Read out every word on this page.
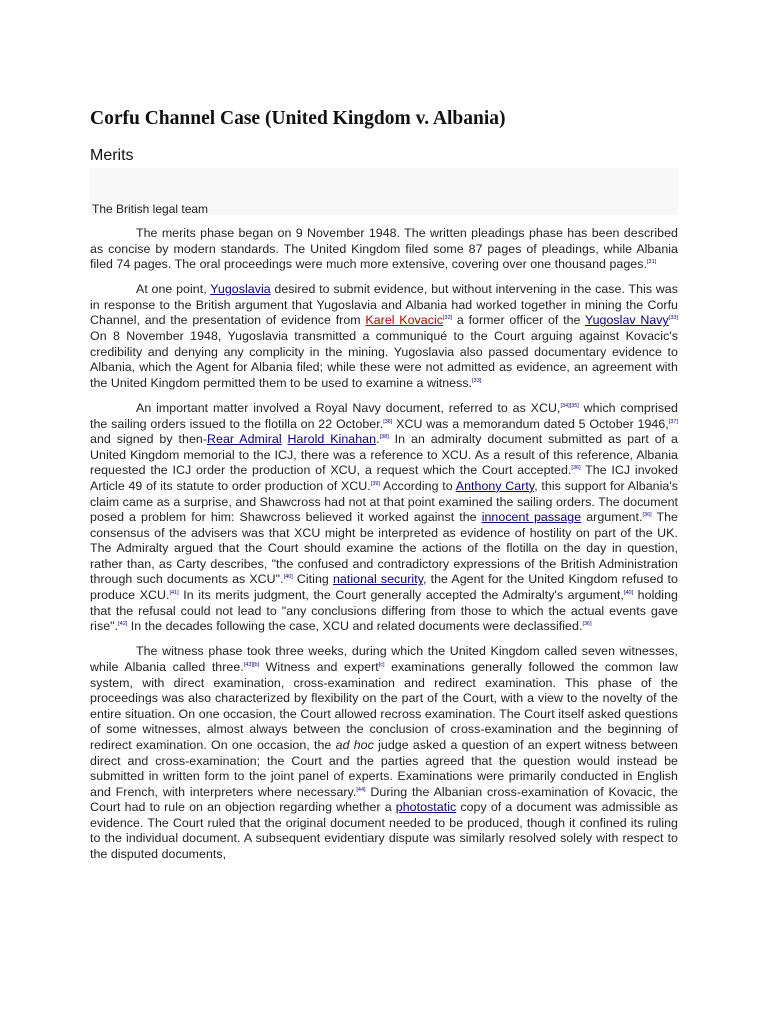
Corfu Channel Case (United Kingdom v. Albania)
Merits
The British legal team

The merits phase began on 9 November 1948. The written pleadings phase has been described as concise by modern standards. The United Kingdom filed some 87 pages of pleadings, while Albania filed 74 pages. The oral proceedings were much more extensive, covering over one thousand pages.[31]

At one point, Yugoslavia desired to submit evidence, but without intervening in the case. This was in response to the British argument that Yugoslavia and Albania had worked together in mining the Corfu Channel, and the presentation of evidence from Karel Kovacic[32] a former officer of the Yugoslav Navy[33] On 8 November 1948, Yugoslavia transmitted a communiqué to the Court arguing against Kovacic's credibility and denying any complicity in the mining. Yugoslavia also passed documentary evidence to Albania, which the Agent for Albania filed; while these were not admitted as evidence, an agreement with the United Kingdom permitted them to be used to examine a witness.[33]

An important matter involved a Royal Navy document, referred to as XCU,[34][35] which comprised the sailing orders issued to the flotilla on 22 October.[36] XCU was a memorandum dated 5 October 1946,[37] and signed by then-Rear Admiral Harold Kinahan.[38] In an admiralty document submitted as part of a United Kingdom memorial to the ICJ, there was a reference to XCU. As a result of this reference, Albania requested the ICJ order the production of XCU, a request which the Court accepted.[36] The ICJ invoked Article 49 of its statute to order production of XCU.[39] According to Anthony Carty, this support for Albania's claim came as a surprise, and Shawcross had not at that point examined the sailing orders. The document posed a problem for him: Shawcross believed it worked against the innocent passage argument.[36] The consensus of the advisers was that XCU might be interpreted as evidence of hostility on part of the UK. The Admiralty argued that the Court should examine the actions of the flotilla on the day in question, rather than, as Carty describes, "the confused and contradictory expressions of the British Administration through such documents as XCU".[40] Citing national security, the Agent for the United Kingdom refused to produce XCU.[41] In its merits judgment, the Court generally accepted the Admiralty's argument,[40] holding that the refusal could not lead to "any conclusions differing from those to which the actual events gave rise".[42] In the decades following the case, XCU and related documents were declassified.[36]

The witness phase took three weeks, during which the United Kingdom called seven witnesses, while Albania called three.[43][b] Witness and expert[c] examinations generally followed the common law system, with direct examination, cross-examination and redirect examination. This phase of the proceedings was also characterized by flexibility on the part of the Court, with a view to the novelty of the entire situation. On one occasion, the Court allowed recross examination. The Court itself asked questions of some witnesses, almost always between the conclusion of cross-examination and the beginning of redirect examination. On one occasion, the ad hoc judge asked a question of an expert witness between direct and cross-examination; the Court and the parties agreed that the question would instead be submitted in written form to the joint panel of experts. Examinations were primarily conducted in English and French, with interpreters where necessary.[44] During the Albanian cross-examination of Kovacic, the Court had to rule on an objection regarding whether a photostatic copy of a document was admissible as evidence. The Court ruled that the original document needed to be produced, though it confined its ruling to the individual document. A subsequent evidentiary dispute was similarly resolved solely with respect to the disputed documents,
